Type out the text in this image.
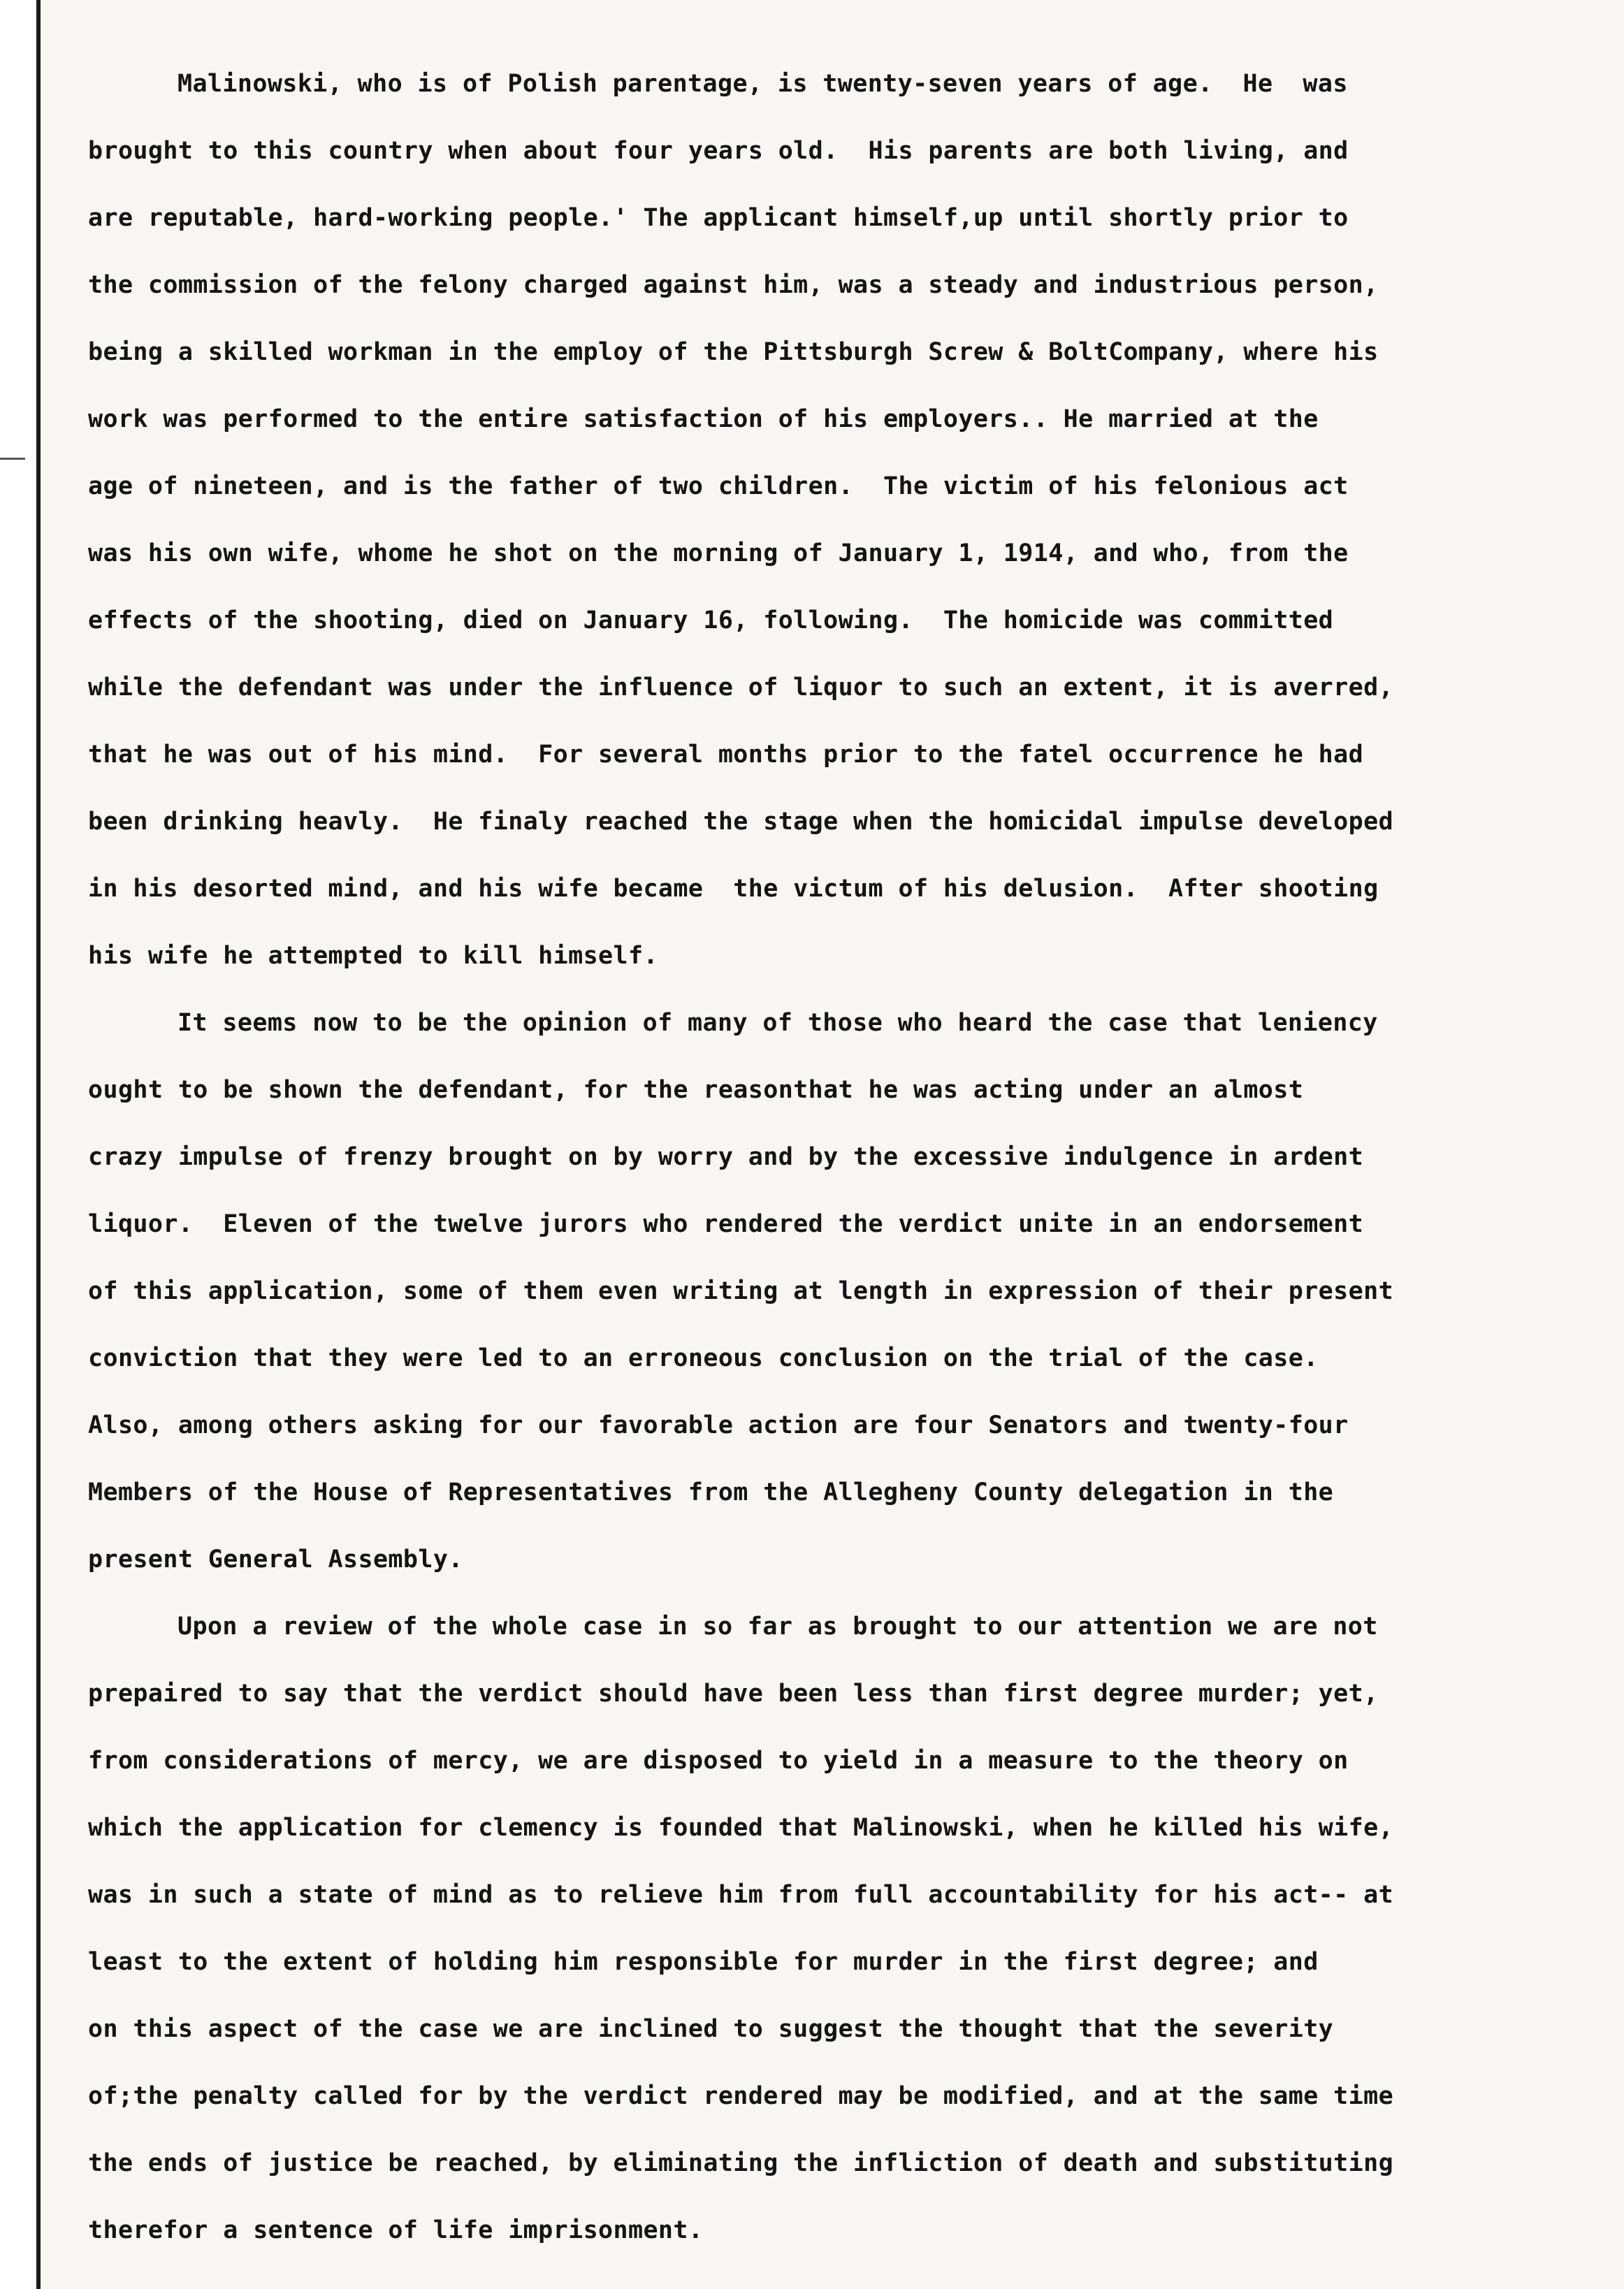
Malinowski, who is of Polish parentage, is twenty-seven years of age.  He  was
brought to this country when about four years old.  His parents are both living, and
are reputable, hard-working people.' The applicant himself,up until shortly prior to
the commission of the felony charged against him, was a steady and industrious person,
being a skilled workman in the employ of the Pittsburgh Screw & BoltCompany, where his
work was performed to the entire satisfaction of his employers.. He married at the
age of nineteen, and is the father of two children.  The victim of his felonious act
was his own wife, whome he shot on the morning of January 1, 1914, and who, from the
effects of the shooting, died on January 16, following.  The homicide was committed
while the defendant was under the influence of liquor to such an extent, it is averred,
that he was out of his mind.  For several months prior to the fatel occurrence he had
been drinking heavly.  He finaly reached the stage when the homicidal impulse developed
in his desorted mind, and his wife became  the victum of his delusion.  After shooting
his wife he attempted to kill himself.
It seems now to be the opinion of many of those who heard the case that leniency
ought to be shown the defendant, for the reasonthat he was acting under an almost
crazy impulse of frenzy brought on by worry and by the excessive indulgence in ardent
liquor.  Eleven of the twelve jurors who rendered the verdict unite in an endorsement
of this application, some of them even writing at length in expression of their present
conviction that they were led to an erroneous conclusion on the trial of the case.
Also, among others asking for our favorable action are four Senators and twenty-four
Members of the House of Representatives from the Allegheny County delegation in the
present General Assembly.
Upon a review of the whole case in so far as brought to our attention we are not
prepaired to say that the verdict should have been less than first degree murder; yet,
from considerations of mercy, we are disposed to yield in a measure to the theory on
which the application for clemency is founded that Malinowski, when he killed his wife,
was in such a state of mind as to relieve him from full accountability for his act-- at
least to the extent of holding him responsible for murder in the first degree; and
on this aspect of the case we are inclined to suggest the thought that the severity
of;the penalty called for by the verdict rendered may be modified, and at the same time
the ends of justice be reached, by eliminating the infliction of death and substituting
therefor a sentence of life imprisonment.
